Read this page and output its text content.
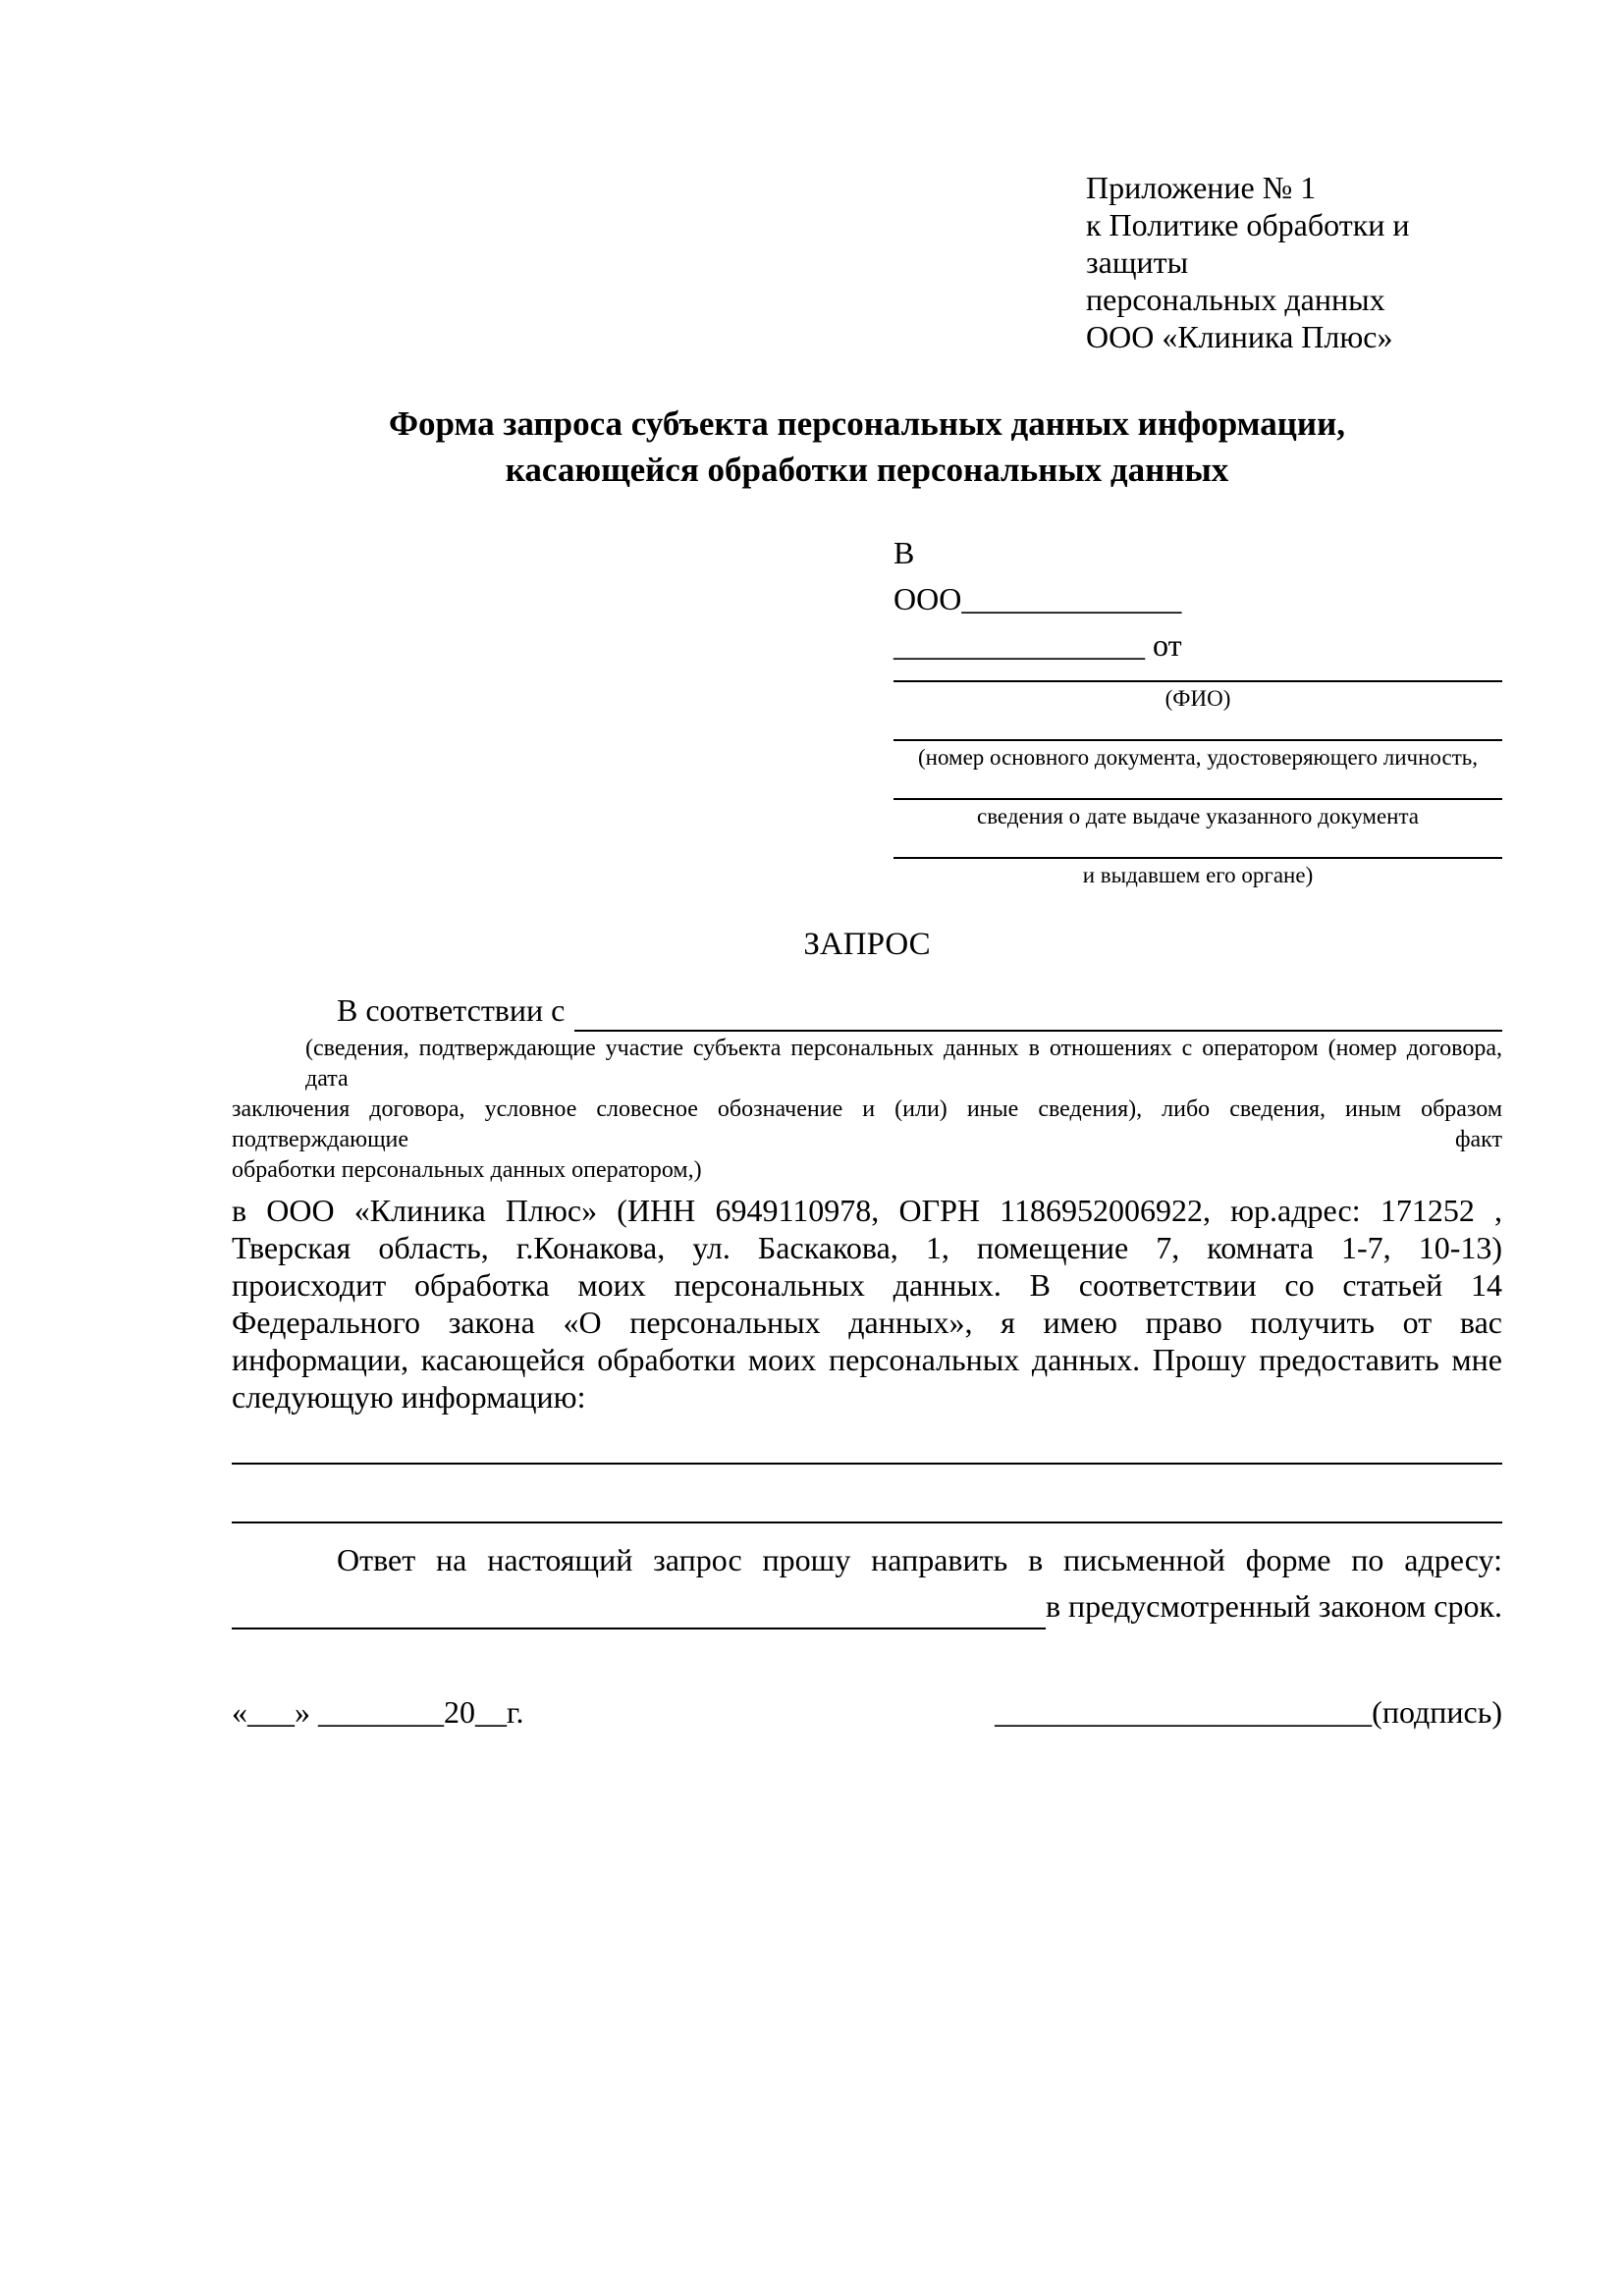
Приложение № 1
к Политике обработки и защиты
персональных данных
ООО «Клиника Плюс»
Форма запроса субъекта персональных данных информации,
касающейся обработки персональных данных
В
ООО______________
________________ от
(ФИО)
(номер основного документа, удостоверяющего личность,
сведения о дате выдаче указанного документа
и выдавшем его органе)
ЗАПРОС
В соответствии с
(сведения, подтверждающие участие субъекта персональных данных в отношениях с оператором (номер договора, дата
заключения договора, условное словесное обозначение и (или) иные сведения), либо сведения, иным образом подтверждающие факт
обработки персональных данных оператором,)
в ООО «Клиника Плюс» (ИНН 6949110978, ОГРН 1186952006922, юр.адрес: 171252 ,
Тверская область, г.Конакова, ул. Баскакова, 1, помещение 7, комната 1-7, 10-13)
происходит обработка моих персональных данных. В соответствии со статьей 14
Федерального закона «О персональных данных», я имею право получить от вас
информации, касающейся обработки моих персональных данных. Прошу предоставить мне
следующую информацию:
Ответ на настоящий запрос прошу направить в письменной форме по адресу:
в предусмотренный законом срок.
«___» ________20__г.	________________________(подпись)
